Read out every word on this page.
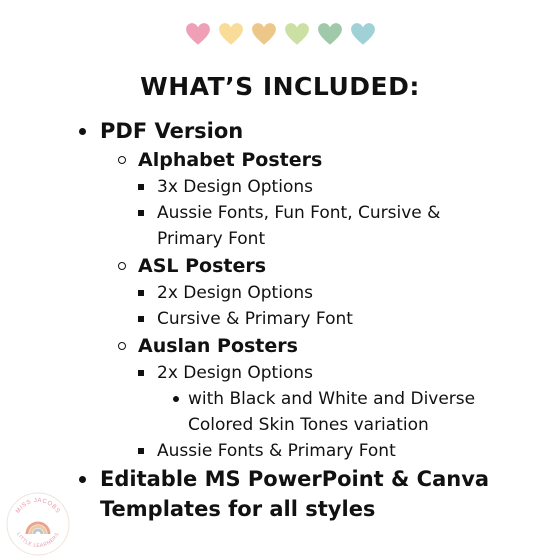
WHAT’S INCLUDED:
PDF Version
Alphabet Posters
3x Design Options
Aussie Fonts, Fun Font, Cursive & Primary Font
ASL Posters
2x Design Options
Cursive & Primary Font
Auslan Posters
2x Design Options
with Black and White and Diverse Colored Skin Tones variation
Aussie Fonts & Primary Font
Editable MS PowerPoint & Canva Templates for all styles
MISS JACOBS
LITTLE LEARNERS
